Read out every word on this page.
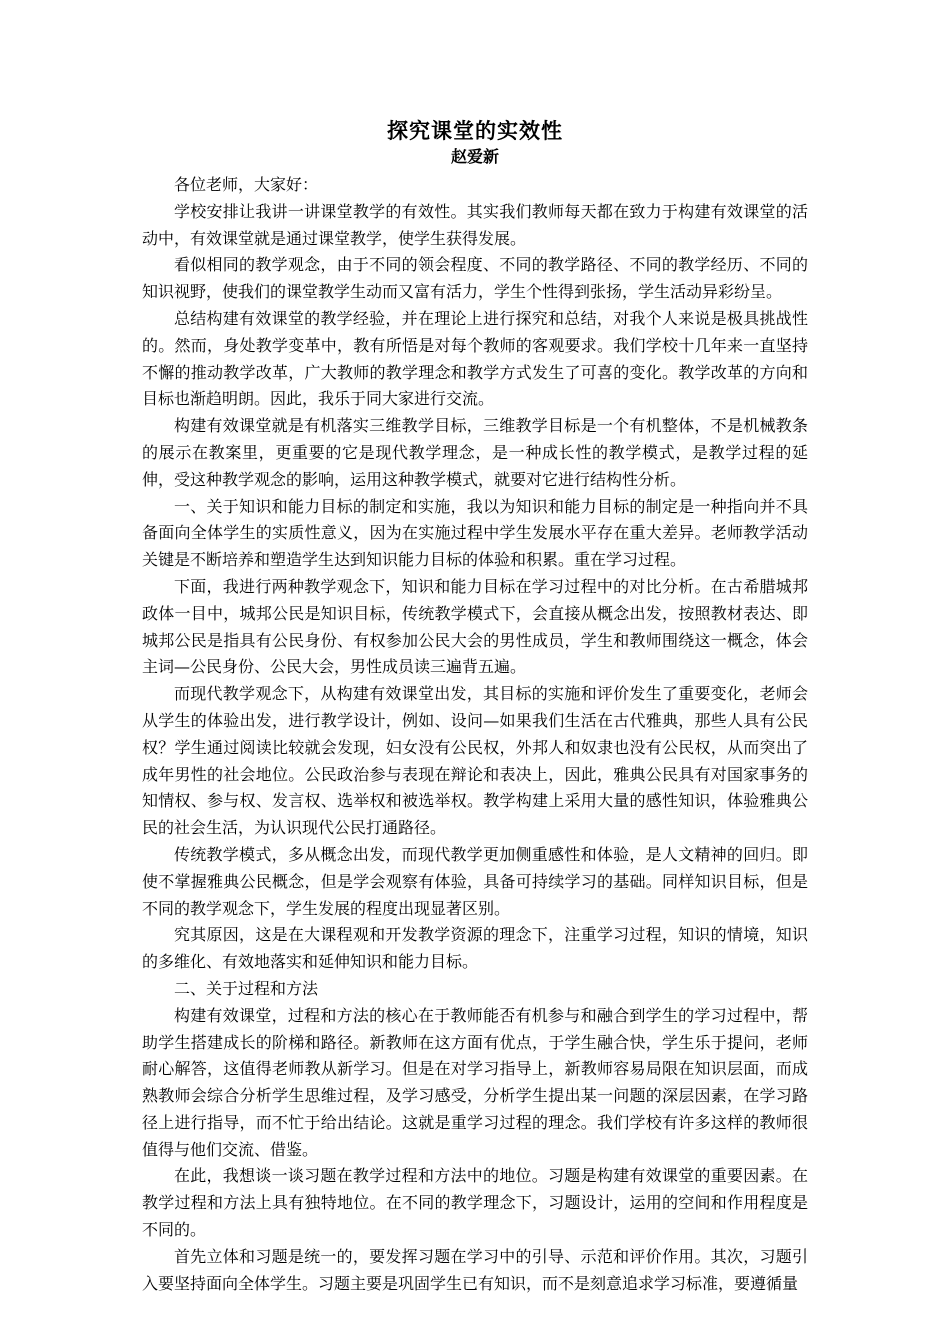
探究课堂的实效性
赵爱新

各位老师，大家好：

学校安排让我讲一讲课堂教学的有效性。其实我们教师每天都在致力于构建有效课堂的活动中，有效课堂就是通过课堂教学，使学生获得发展。

看似相同的教学观念，由于不同的领会程度、不同的教学路径、不同的教学经历、不同的知识视野，使我们的课堂教学生动而又富有活力，学生个性得到张扬，学生活动异彩纷呈。

总结构建有效课堂的教学经验，并在理论上进行探究和总结，对我个人来说是极具挑战性的。然而，身处教学变革中，教有所悟是对每个教师的客观要求。我们学校十几年来一直坚持不懈的推动教学改革，广大教师的教学理念和教学方式发生了可喜的变化。教学改革的方向和目标也渐趋明朗。因此，我乐于同大家进行交流。

构建有效课堂就是有机落实三维教学目标，三维教学目标是一个有机整体，不是机械教条的展示在教案里，更重要的它是现代教学理念，是一种成长性的教学模式，是教学过程的延伸，受这种教学观念的影响，运用这种教学模式，就要对它进行结构性分析。

一、关于知识和能力目标的制定和实施，我以为知识和能力目标的制定是一种指向并不具备面向全体学生的实质性意义，因为在实施过程中学生发展水平存在重大差异。老师教学活动关键是不断培养和塑造学生达到知识能力目标的体验和积累。重在学习过程。

下面，我进行两种教学观念下，知识和能力目标在学习过程中的对比分析。在古希腊城邦政体一目中，城邦公民是知识目标，传统教学模式下，会直接从概念出发，按照教材表达、即城邦公民是指具有公民身份、有权参加公民大会的男性成员，学生和教师围绕这一概念，体会主词—公民身份、公民大会，男性成员读三遍背五遍。

而现代教学观念下，从构建有效课堂出发，其目标的实施和评价发生了重要变化，老师会从学生的体验出发，进行教学设计，例如、设问—如果我们生活在古代雅典，那些人具有公民权？学生通过阅读比较就会发现，妇女没有公民权，外邦人和奴隶也没有公民权，从而突出了成年男性的社会地位。公民政治参与表现在辩论和表决上，因此，雅典公民具有对国家事务的知情权、参与权、发言权、选举权和被选举权。教学构建上采用大量的感性知识，体验雅典公民的社会生活，为认识现代公民打通路径。

传统教学模式，多从概念出发，而现代教学更加侧重感性和体验，是人文精神的回归。即使不掌握雅典公民概念，但是学会观察有体验，具备可持续学习的基础。同样知识目标，但是不同的教学观念下，学生发展的程度出现显著区别。

究其原因，这是在大课程观和开发教学资源的理念下，注重学习过程，知识的情境，知识的多维化、有效地落实和延伸知识和能力目标。

二、关于过程和方法

构建有效课堂，过程和方法的核心在于教师能否有机参与和融合到学生的学习过程中，帮助学生搭建成长的阶梯和路径。新教师在这方面有优点，于学生融合快，学生乐于提问，老师耐心解答，这值得老师教从新学习。但是在对学习指导上，新教师容易局限在知识层面，而成熟教师会综合分析学生思维过程，及学习感受，分析学生提出某一问题的深层因素，在学习路径上进行指导，而不忙于给出结论。这就是重学习过程的理念。我们学校有许多这样的教师很值得与他们交流、借鉴。

在此，我想谈一谈习题在教学过程和方法中的地位。习题是构建有效课堂的重要因素。在教学过程和方法上具有独特地位。在不同的教学理念下，习题设计，运用的空间和作用程度是不同的。

首先立体和习题是统一的，要发挥习题在学习中的引导、示范和评价作用。其次，习题引入要坚持面向全体学生。习题主要是巩固学生已有知识，而不是刻意追求学习标准，要遵循量
